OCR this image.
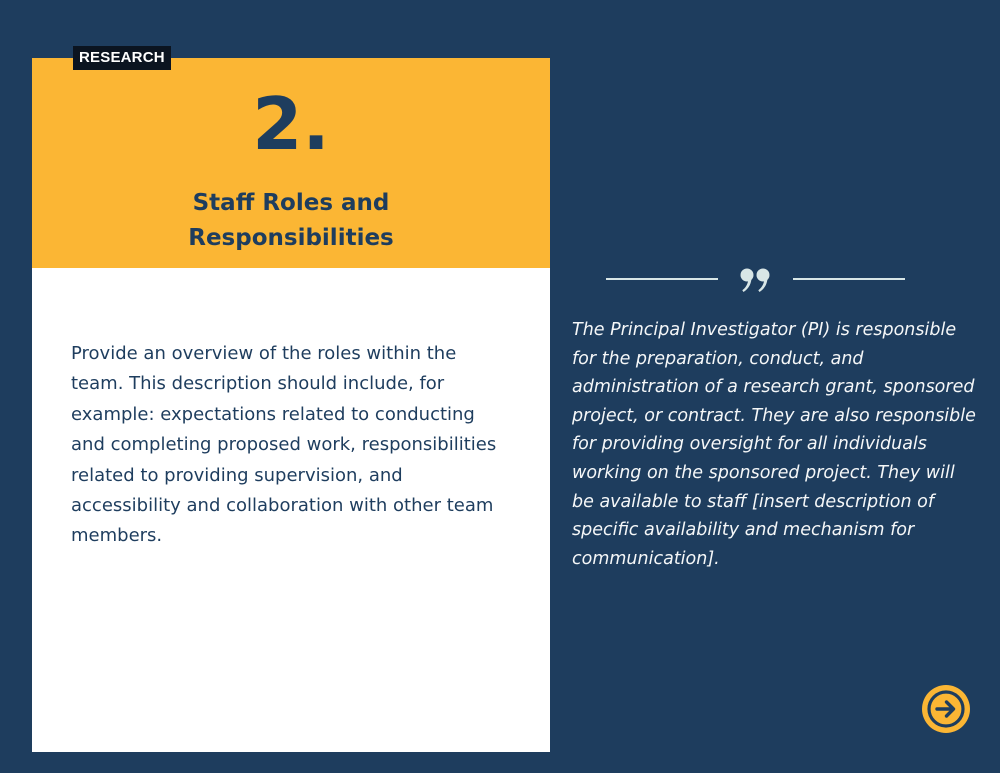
RESEARCH
2.
Staff Roles and Responsibilities
Provide an overview of the roles within the team. This description should include, for example: expectations related to conducting and completing proposed work, responsibilities related to providing supervision, and accessibility and collaboration with other team members.
The Principal Investigator (PI) is responsible for the preparation, conduct, and administration of a research grant, sponsored project, or contract. They are also responsible for providing oversight for all individuals working on the sponsored project. They will be available to staff [insert description of specific availability and mechanism for communication].
